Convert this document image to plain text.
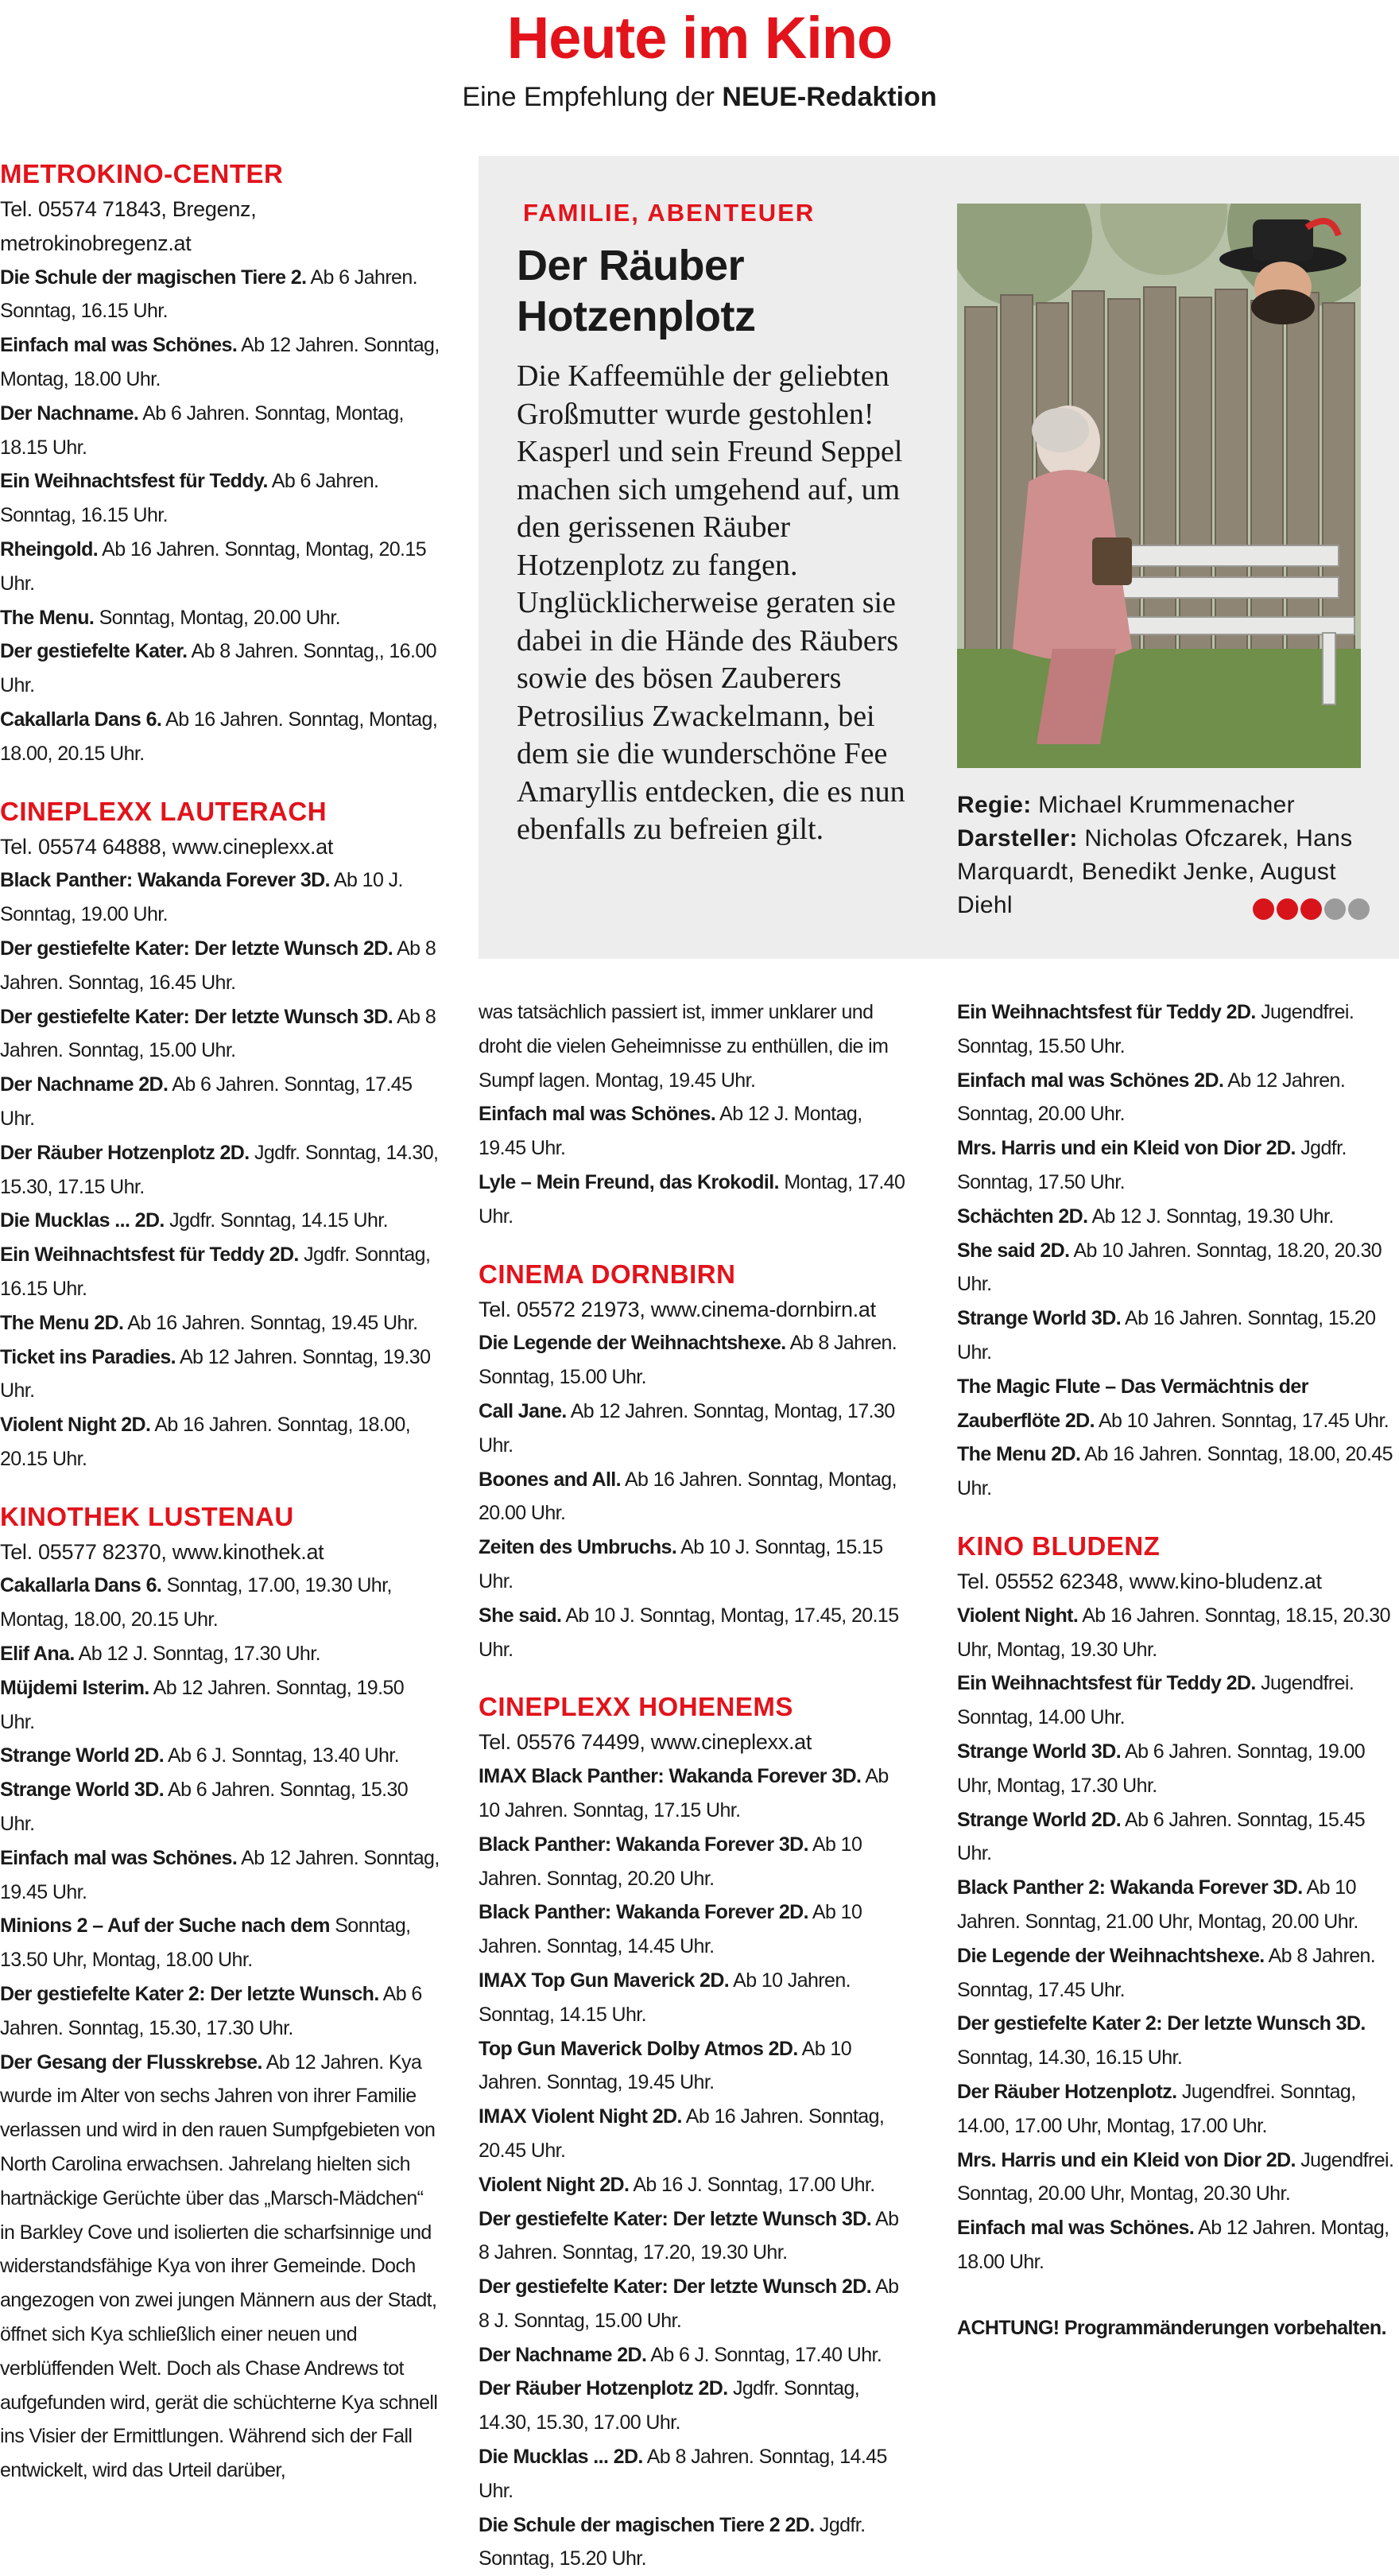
Heute im Kino
Eine Empfehlung der NEUE-Redaktion
FAMILIE, ABENTEUER
Der Räuber Hotzenplotz
Die Kaffeemühle der geliebten Großmutter wurde gestohlen! Kasperl und sein Freund Seppel machen sich umgehend auf, um den gerissenen Räuber Hotzenplotz zu fangen. Unglücklicherweise geraten sie dabei in die Hände des Räubers sowie des bösen Zauberers Petrosilius Zwackelmann, bei dem sie die wunderschöne Fee Amaryllis entdecken, die es nun ebenfalls zu befreien gilt.
Regie: Michael Krummenacher
Darsteller: Nicholas Ofczarek, Hans Marquardt, Benedikt Jenke, August Diehl
METROKINO-CENTER
Tel. 05574 71843, Bregenz, metrokinobregenz.at
Die Schule der magischen Tiere 2. Ab 6 Jahren. Sonntag, 16.15 Uhr.
Einfach mal was Schönes. Ab 12 Jahren. Sonntag, Montag, 18.00 Uhr.
Der Nachname. Ab 6 Jahren. Sonntag, Montag, 18.15 Uhr.
Ein Weihnachtsfest für Teddy. Ab 6 Jahren. Sonntag, 16.15 Uhr.
Rheingold. Ab 16 Jahren. Sonntag, Montag, 20.15 Uhr.
The Menu. Sonntag, Montag, 20.00 Uhr.
Der gestiefelte Kater. Ab 8 Jahren. Sonntag,, 16.00 Uhr.
Cakallarla Dans 6. Ab 16 Jahren. Sonntag, Montag, 18.00, 20.15 Uhr.
CINEPLEXX LAUTERACH
Tel. 05574 64888, www.cineplexx.at
Black Panther: Wakanda Forever 3D. Ab 10 J. Sonntag, 19.00 Uhr.
Der gestiefelte Kater: Der letzte Wunsch 2D. Ab 8 Jahren. Sonntag, 16.45 Uhr.
Der gestiefelte Kater: Der letzte Wunsch 3D. Ab 8 Jahren. Sonntag, 15.00 Uhr.
Der Nachname 2D. Ab 6 Jahren. Sonntag, 17.45 Uhr.
Der Räuber Hotzenplotz 2D. Jgdfr. Sonntag, 14.30, 15.30, 17.15 Uhr.
Die Mucklas ... 2D. Jgdfr. Sonntag, 14.15 Uhr.
Ein Weihnachtsfest für Teddy 2D. Jgdfr. Sonntag, 16.15 Uhr.
The Menu 2D. Ab 16 Jahren. Sonntag, 19.45 Uhr.
Ticket ins Paradies. Ab 12 Jahren. Sonntag, 19.30 Uhr.
Violent Night 2D. Ab 16 Jahren. Sonntag, 18.00, 20.15 Uhr.
KINOTHEK LUSTENAU
Tel. 05577 82370, www.kinothek.at
Cakallarla Dans 6. Sonntag, 17.00, 19.30 Uhr, Montag, 18.00, 20.15 Uhr.
Elif Ana. Ab 12 J. Sonntag, 17.30 Uhr.
Müjdemi Isterim. Ab 12 Jahren. Sonntag, 19.50 Uhr.
Strange World 2D. Ab 6 J. Sonntag, 13.40 Uhr.
Strange World 3D. Ab 6 Jahren. Sonntag, 15.30 Uhr.
Einfach mal was Schönes. Ab 12 Jahren. Sonntag, 19.45 Uhr.
Minions 2 – Auf der Suche nach dem Sonntag, 13.50 Uhr, Montag, 18.00 Uhr.
Der gestiefelte Kater 2: Der letzte Wunsch. Ab 6 Jahren. Sonntag, 15.30, 17.30 Uhr.
Der Gesang der Flusskrebse. Ab 12 Jahren. Kya wurde im Alter von sechs Jahren von ihrer Familie verlassen und wird in den rauen Sumpfgebieten von North Carolina erwachsen. Jahrelang hielten sich hartnäckige Gerüchte über das „Marsch-Mädchen“ in Barkley Cove und isolierten die scharfsinnige und widerstandsfähige Kya von ihrer Gemeinde. Doch angezogen von zwei jungen Männern aus der Stadt, öffnet sich Kya schließlich einer neuen und verblüffenden Welt. Doch als Chase Andrews tot aufgefunden wird, gerät die schüchterne Kya schnell ins Visier der Ermittlungen. Während sich der Fall entwickelt, wird das Urteil darüber,
was tatsächlich passiert ist, immer unklarer und droht die vielen Geheimnisse zu enthüllen, die im Sumpf lagen. Montag, 19.45 Uhr.
Einfach mal was Schönes. Ab 12 J. Montag, 19.45 Uhr.
Lyle – Mein Freund, das Krokodil. Montag, 17.40 Uhr.
CINEMA DORNBIRN
Tel. 05572 21973, www.cinema-dornbirn.at
Die Legende der Weihnachtshexe. Ab 8 Jahren. Sonntag, 15.00 Uhr.
Call Jane. Ab 12 Jahren. Sonntag, Montag, 17.30 Uhr.
Boones and All. Ab 16 Jahren. Sonntag, Montag, 20.00 Uhr.
Zeiten des Umbruchs. Ab 10 J. Sonntag, 15.15 Uhr.
She said. Ab 10 J. Sonntag, Montag, 17.45, 20.15 Uhr.
CINEPLEXX HOHENEMS
Tel. 05576 74499, www.cineplexx.at
IMAX Black Panther: Wakanda Forever 3D. Ab 10 Jahren. Sonntag, 17.15 Uhr.
Black Panther: Wakanda Forever 3D. Ab 10 Jahren. Sonntag, 20.20 Uhr.
Black Panther: Wakanda Forever 2D. Ab 10 Jahren. Sonntag, 14.45 Uhr.
IMAX Top Gun Maverick 2D. Ab 10 Jahren. Sonntag, 14.15 Uhr.
Top Gun Maverick Dolby Atmos 2D. Ab 10 Jahren. Sonntag, 19.45 Uhr.
IMAX Violent Night 2D. Ab 16 Jahren. Sonntag, 20.45 Uhr.
Violent Night 2D. Ab 16 J. Sonntag, 17.00 Uhr.
Der gestiefelte Kater: Der letzte Wunsch 3D. Ab 8 Jahren. Sonntag, 17.20, 19.30 Uhr.
Der gestiefelte Kater: Der letzte Wunsch 2D. Ab 8 J. Sonntag, 15.00 Uhr.
Der Nachname 2D. Ab 6 J. Sonntag, 17.40 Uhr.
Der Räuber Hotzenplotz 2D. Jgdfr. Sonntag, 14.30, 15.30, 17.00 Uhr.
Die Mucklas ... 2D. Ab 8 Jahren. Sonntag, 14.45 Uhr.
Die Schule der magischen Tiere 2 2D. Jgdfr. Sonntag, 15.20 Uhr.
Ein Weihnachtsfest für Teddy 2D. Jugendfrei. Sonntag, 15.50 Uhr.
Einfach mal was Schönes 2D. Ab 12 Jahren. Sonntag, 20.00 Uhr.
Mrs. Harris und ein Kleid von Dior 2D. Jgdfr. Sonntag, 17.50 Uhr.
Schächten 2D. Ab 12 J. Sonntag, 19.30 Uhr.
She said 2D. Ab 10 Jahren. Sonntag, 18.20, 20.30 Uhr.
Strange World 3D. Ab 16 Jahren. Sonntag, 15.20 Uhr.
The Magic Flute – Das Vermächtnis der Zauberflöte 2D. Ab 10 Jahren. Sonntag, 17.45 Uhr.
The Menu 2D. Ab 16 Jahren. Sonntag, 18.00, 20.45 Uhr.
KINO BLUDENZ
Tel. 05552 62348, www.kino-bludenz.at
Violent Night. Ab 16 Jahren. Sonntag, 18.15, 20.30 Uhr, Montag, 19.30 Uhr.
Ein Weihnachtsfest für Teddy 2D. Jugendfrei. Sonntag, 14.00 Uhr.
Strange World 3D. Ab 6 Jahren. Sonntag, 19.00 Uhr, Montag, 17.30 Uhr.
Strange World 2D. Ab 6 Jahren. Sonntag, 15.45 Uhr.
Black Panther 2: Wakanda Forever 3D. Ab 10 Jahren. Sonntag, 21.00 Uhr, Montag, 20.00 Uhr.
Die Legende der Weihnachtshexe. Ab 8 Jahren. Sonntag, 17.45 Uhr.
Der gestiefelte Kater 2: Der letzte Wunsch 3D. Sonntag, 14.30, 16.15 Uhr.
Der Räuber Hotzenplotz. Jugendfrei. Sonntag, 14.00, 17.00 Uhr, Montag, 17.00 Uhr.
Mrs. Harris und ein Kleid von Dior 2D. Jugendfrei. Sonntag, 20.00 Uhr, Montag, 20.30 Uhr.
Einfach mal was Schönes. Ab 12 Jahren. Montag, 18.00 Uhr.
ACHTUNG! Programmänderungen vorbehalten.
